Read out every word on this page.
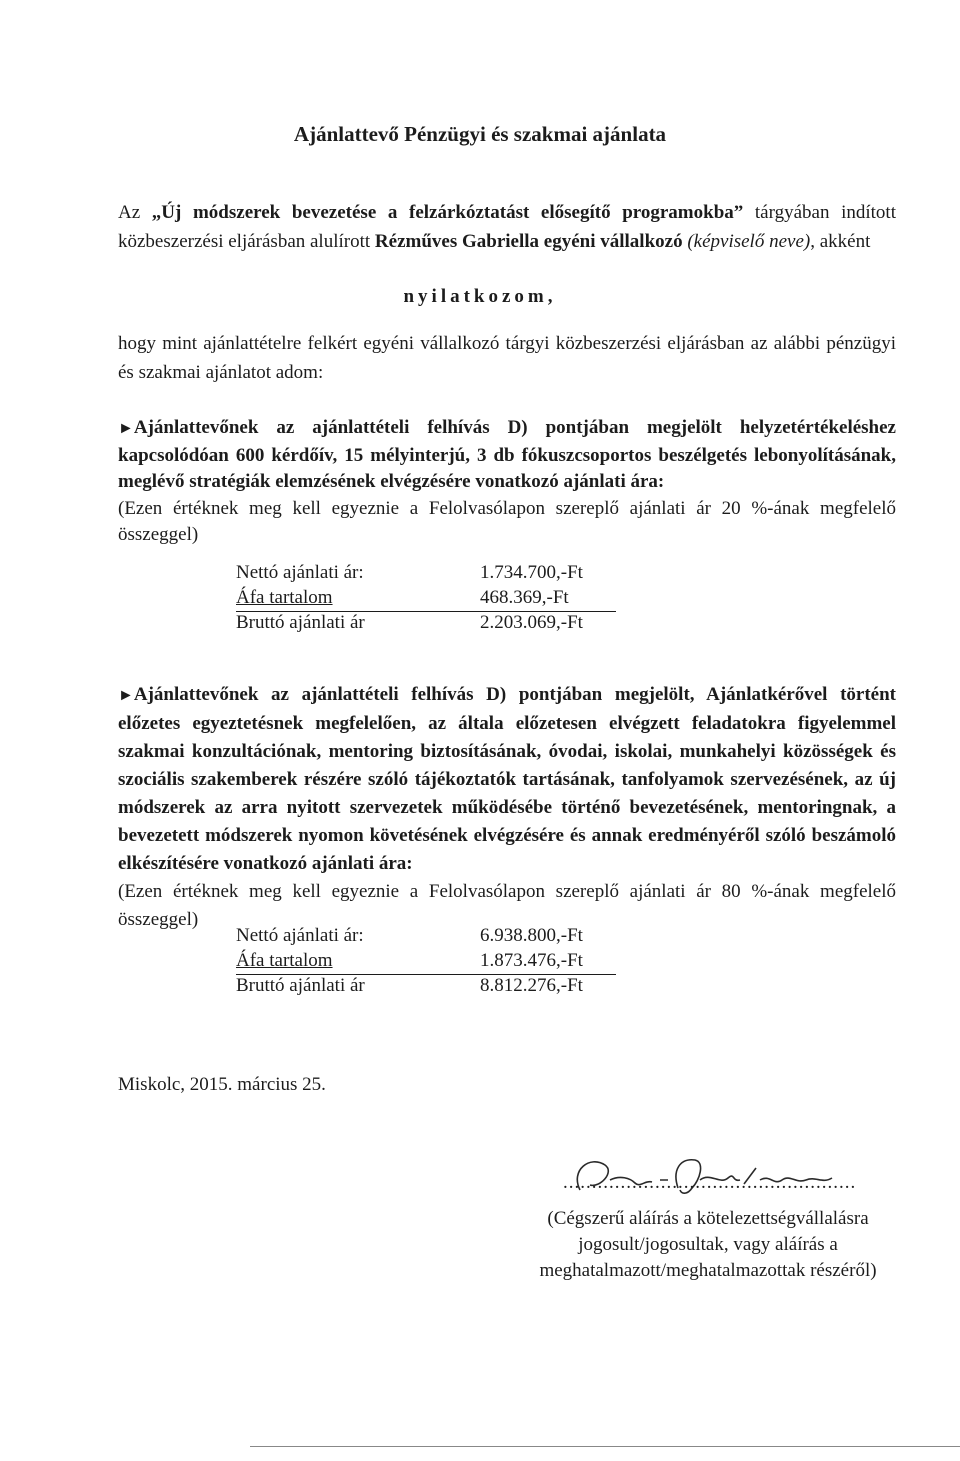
Ajánlattevő Pénzügyi és szakmai ajánlata
Az „Új módszerek bevezetése a felzárkóztatást elősegítő programokba” tárgyában indított közbeszerzési eljárásban alulírott Rézműves Gabriella egyéni vállalkozó (képviselő neve), akként
nyilatkozom,
hogy mint ajánlattételre felkért egyéni vállalkozó tárgyi közbeszerzési eljárásban az alábbi pénzügyi és szakmai ajánlatot adom:
►Ajánlattevőnek az ajánlattételi felhívás D) pontjában megjelölt helyzetértékeléshez kapcsolódóan 600 kérdőív, 15 mélyinterjú, 3 db fókuszcsoportos beszélgetés lebonyolításának, meglévő stratégiák elemzésének elvégzésére vonatkozó ajánlati ára:
(Ezen értéknek meg kell egyeznie a Felolvasólapon szereplő ajánlati ár 20 %-ának megfelelő összeggel)
Nettó ajánlati ár:	1.734.700,-Ft
Áfa tartalom	468.369,-Ft
Bruttó ajánlati ár	2.203.069,-Ft
►Ajánlattevőnek az ajánlattételi felhívás D) pontjában megjelölt, Ajánlatkérővel történt előzetes egyeztetésnek megfelelően, az általa előzetesen elvégzett feladatokra figyelemmel szakmai konzultációnak, mentoring biztosításának, óvodai, iskolai, munkahelyi közösségek és szociális szakemberek részére szóló tájékoztatók tartásának, tanfolyamok szervezésének, az új módszerek az arra nyitott szervezetek működésébe történő bevezetésének, mentoringnak, a bevezetett módszerek nyomon követésének elvégzésére és annak eredményéről szóló beszámoló elkészítésére vonatkozó ajánlati ára:
(Ezen értéknek meg kell egyeznie a Felolvasólapon szereplő ajánlati ár 80 %-ának megfelelő összeggel)
Nettó ajánlati ár:	6.938.800,-Ft
Áfa tartalom	1.873.476,-Ft
Bruttó ajánlati ár	8.812.276,-Ft
Miskolc, 2015. március 25.
...................................................
(Cégszerű aláírás a kötelezettségvállalásra
jogosult/jogosultak, vagy aláírás a
meghatalmazott/meghatalmazottak részéről)
